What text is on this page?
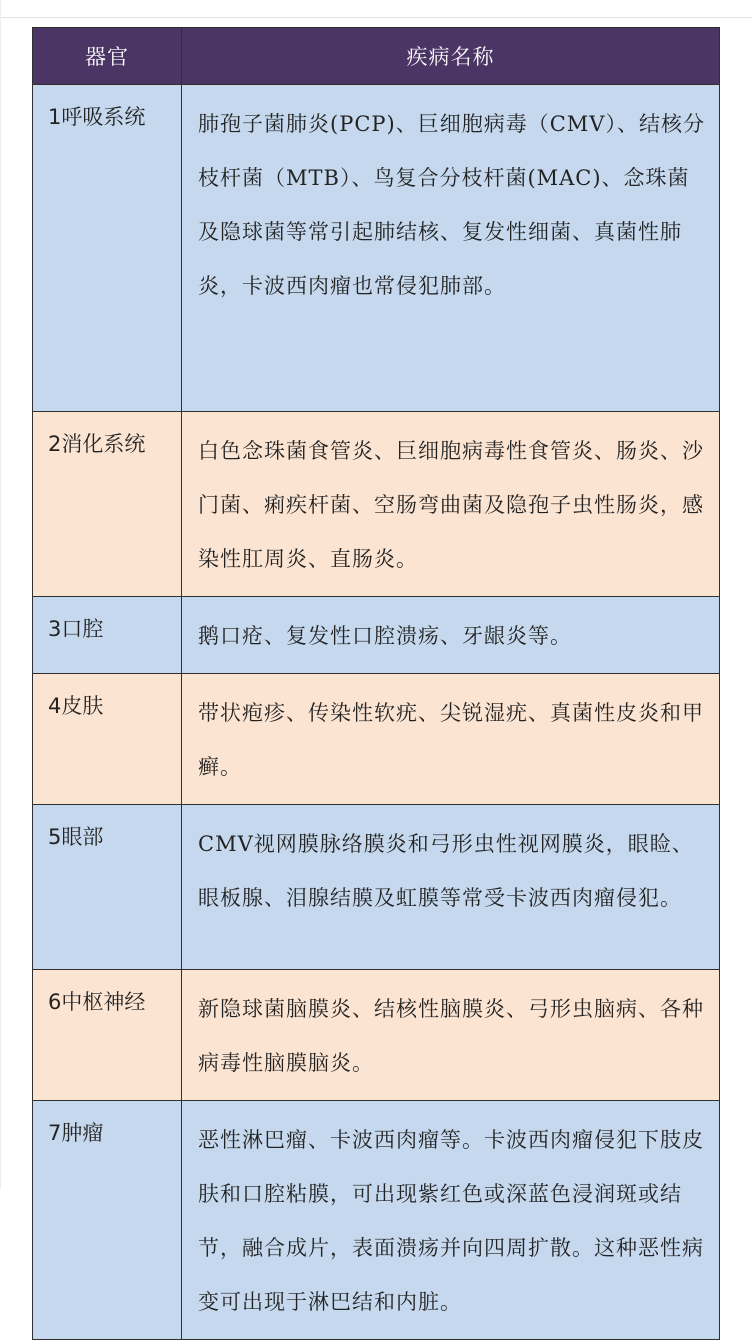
器官	疾病名称
1呼吸系统	肺孢子菌肺炎(PCP)、巨细胞病毒（CMV）、结核分枝杆菌（MTB）、鸟复合分枝杆菌(MAC)、念珠菌及隐球菌等常引起肺结核、复发性细菌、真菌性肺炎，卡波西肉瘤也常侵犯肺部。

2消化系统	白色念珠菌食管炎、巨细胞病毒性食管炎、肠炎、沙门菌、痢疾杆菌、空肠弯曲菌及隐孢子虫性肠炎，感染性肛周炎、直肠炎。

3口腔	鹅口疮、复发性口腔溃疡、牙龈炎等。

4皮肤	带状疱疹、传染性软疣、尖锐湿疣、真菌性皮炎和甲癣。

5眼部	CMV视网膜脉络膜炎和弓形虫性视网膜炎，眼睑、眼板腺、泪腺结膜及虹膜等常受卡波西肉瘤侵犯。

6中枢神经	新隐球菌脑膜炎、结核性脑膜炎、弓形虫脑病、各种病毒性脑膜脑炎。

7肿瘤	恶性淋巴瘤、卡波西肉瘤等。卡波西肉瘤侵犯下肢皮肤和口腔粘膜，可出现紫红色或深蓝色浸润斑或结节，融合成片，表面溃疡并向四周扩散。这种恶性病变可出现于淋巴结和内脏。
